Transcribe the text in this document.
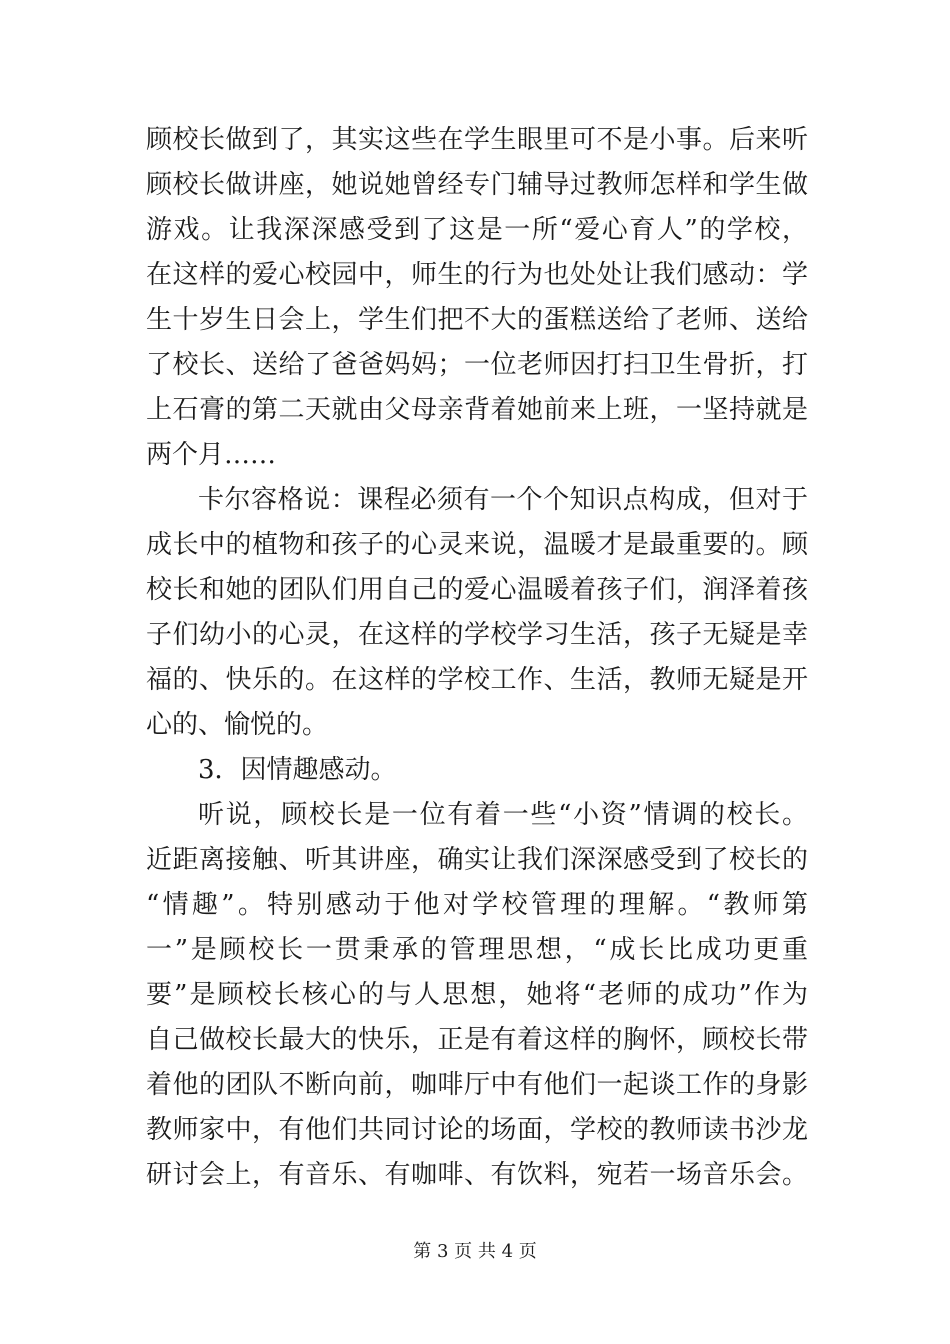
顾校长做到了，其实这些在学生眼里可不是小事。后来听
顾校长做讲座，她说她曾经专门辅导过教师怎样和学生做
游戏。让我深深感受到了这是一所“爱心育人”的学校，
在这样的爱心校园中，师生的行为也处处让我们感动：学
生十岁生日会上，学生们把不大的蛋糕送给了老师、送给
了校长、送给了爸爸妈妈；一位老师因打扫卫生骨折，打
上石膏的第二天就由父母亲背着她前来上班，一坚持就是
两个月……
卡尔容格说：课程必须有一个个知识点构成，但对于
成长中的植物和孩子的心灵来说，温暖才是最重要的。顾
校长和她的团队们用自己的爱心温暖着孩子们，润泽着孩
子们幼小的心灵，在这样的学校学习生活，孩子无疑是幸
福的、快乐的。在这样的学校工作、生活，教师无疑是开
心的、愉悦的。
3．因情趣感动。
听说，顾校长是一位有着一些“小资”情调的校长。
近距离接触、听其讲座，确实让我们深深感受到了校长的
“情趣”。特别感动于他对学校管理的理解。“教师第
一”是顾校长一贯秉承的管理思想，“成长比成功更重
要”是顾校长核心的与人思想，她将“老师的成功”作为
自己做校长最大的快乐，正是有着这样的胸怀，顾校长带
着他的团队不断向前，咖啡厅中有他们一起谈工作的身影
教师家中，有他们共同讨论的场面，学校的教师读书沙龙
研讨会上，有音乐、有咖啡、有饮料，宛若一场音乐会。
第 3 页 共 4 页
